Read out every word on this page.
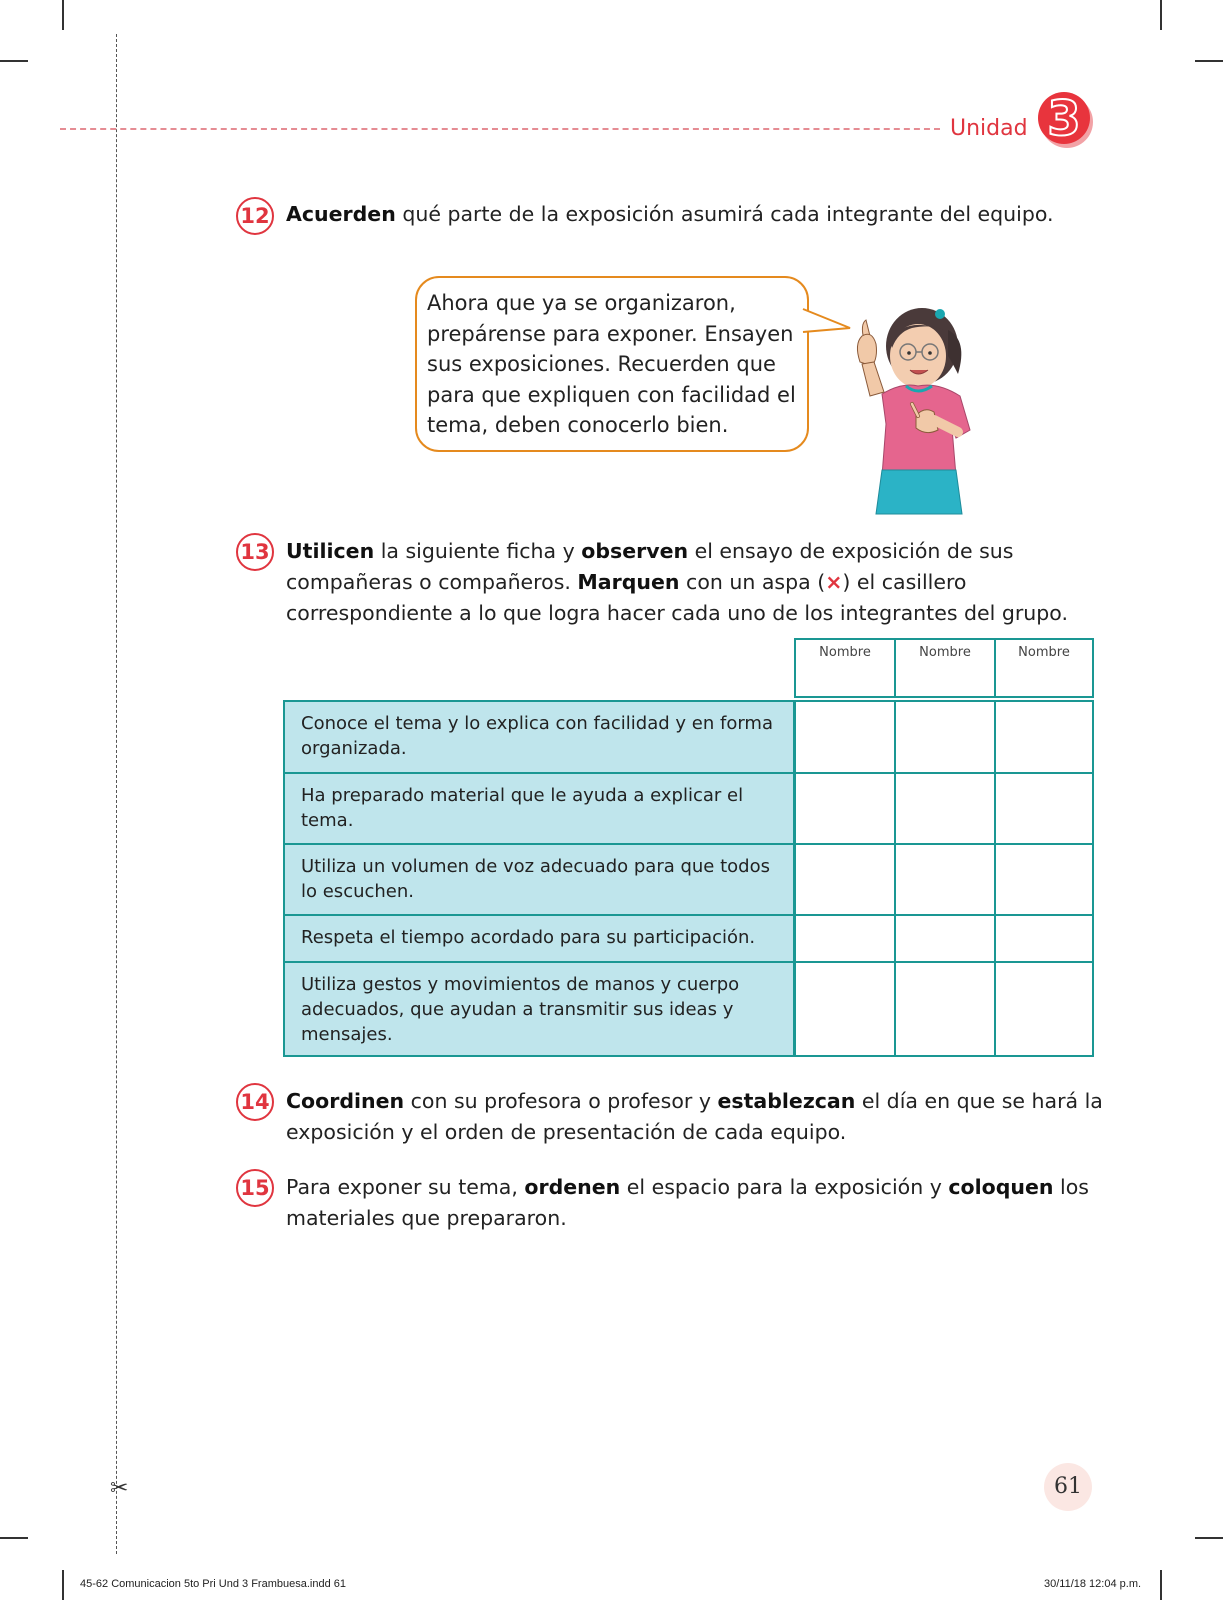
Unidad 3
12 Acuerden qué parte de la exposición asumirá cada integrante del equipo.
Ahora que ya se organizaron, prepárense para exponer. Ensayen sus exposiciones. Recuerden que para que expliquen con facilidad el tema, deben conocerlo bien.
13 Utilicen la siguiente ficha y observen el ensayo de exposición de sus compañeras o compañeros. Marquen con un aspa (×) el casillero correspondiente a lo que logra hacer cada uno de los integrantes del grupo.
Nombre	Nombre	Nombre
Conoce el tema y lo explica con facilidad y en forma organizada.
Ha preparado material que le ayuda a explicar el tema.
Utiliza un volumen de voz adecuado para que todos lo escuchen.
Respeta el tiempo acordado para su participación.
Utiliza gestos y movimientos de manos y cuerpo adecuados, que ayudan a transmitir sus ideas y mensajes.
14 Coordinen con su profesora o profesor y establezcan el día en que se hará la exposición y el orden de presentación de cada equipo.
15 Para exponer su tema, ordenen el espacio para la exposición y coloquen los materiales que prepararon.
✂	61
45-62 Comunicacion 5to Pri Und 3 Frambuesa.indd 61	30/11/18 12:04 p.m.
